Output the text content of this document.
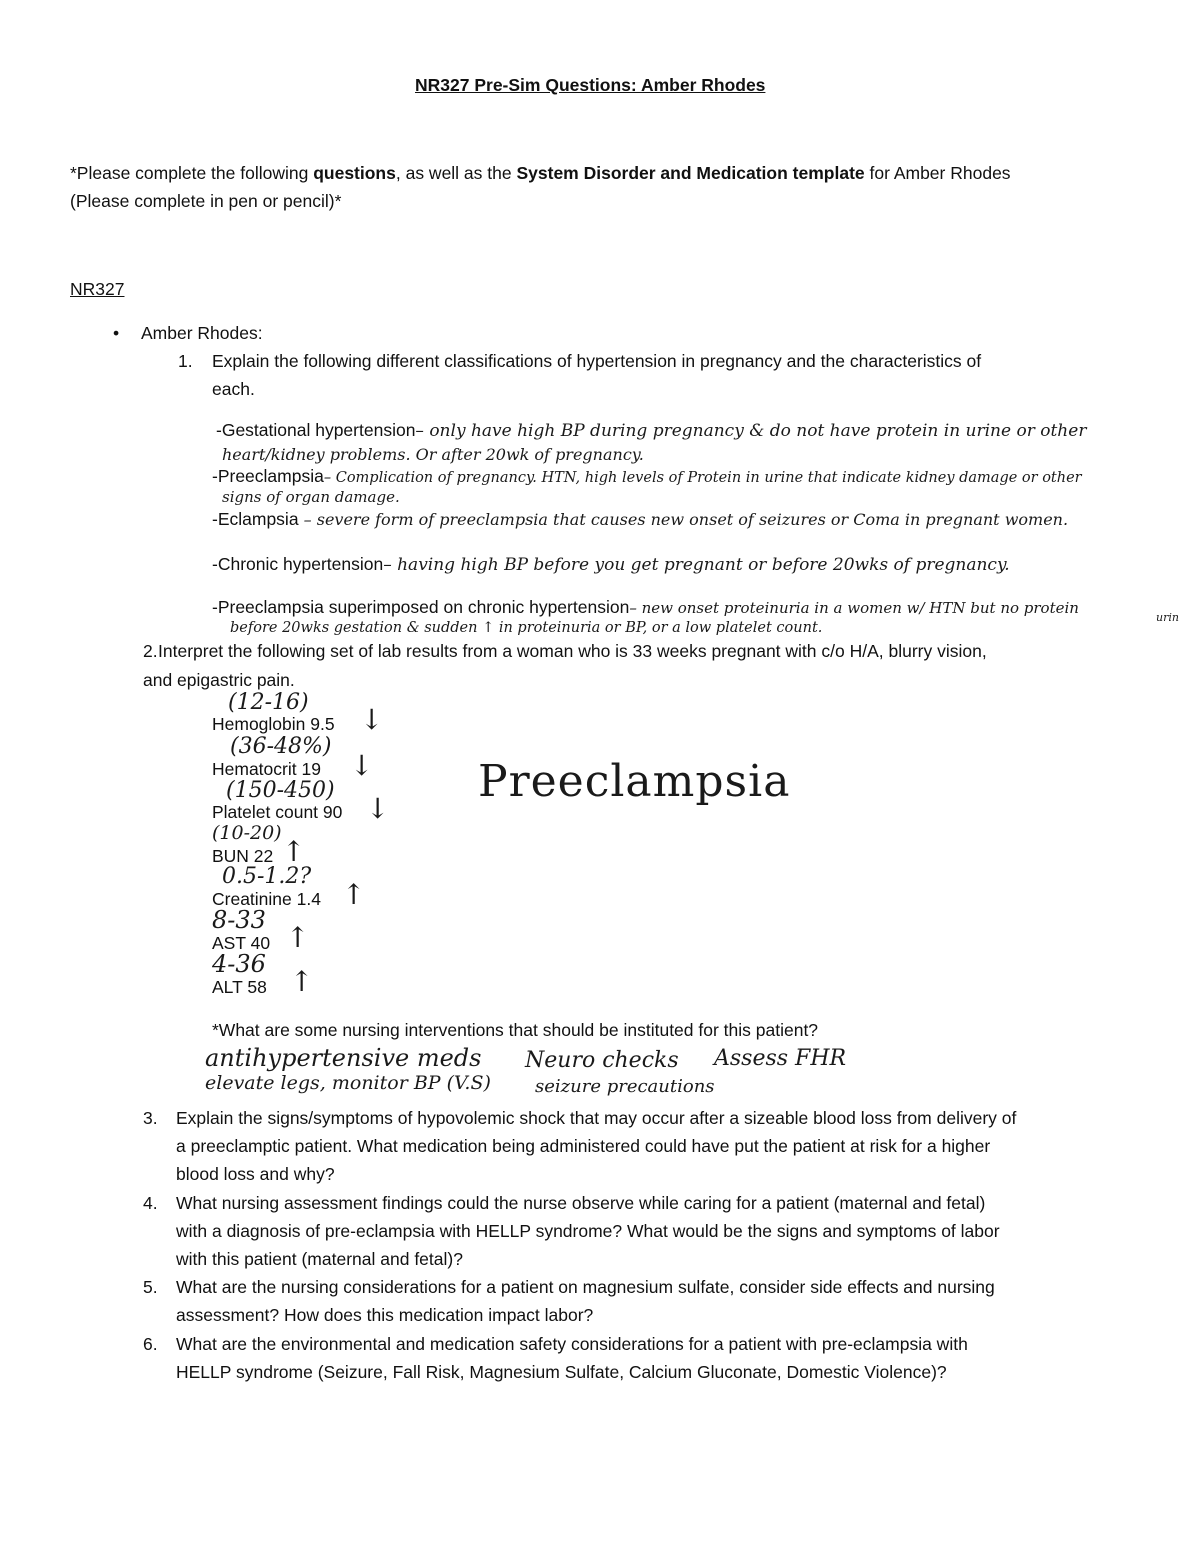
NR327 Pre-Sim Questions: Amber Rhodes
*Please complete the following questions, as well as the System Disorder and Medication template for Amber Rhodes
(Please complete in pen or pencil)*
NR327
• Amber Rhodes:
1. Explain the following different classifications of hypertension in pregnancy and the characteristics of
each.
-Gestational hypertension– only have high BP during pregnancy & do not have protein in urine or other
heart/kidney problems. Or after 20wk of pregnancy.
-Preeclampsia– Complication of pregnancy. HTN, high levels of Protein in urine that indicate kidney damage or other
signs of organ damage.
-Eclampsia – severe form of preeclampsia that causes new onset of seizures or Coma in pregnant women.
-Chronic hypertension– having high BP before you get pregnant or before 20wks of pregnancy.
-Preeclampsia superimposed on chronic hypertension– new onset proteinuria in a women w/ HTN but no protein
urin
before 20wks gestation & sudden ↑ in proteinuria or BP, or a low platelet count.
2. Interpret the following set of lab results from a woman who is 33 weeks pregnant with c/o H/A, blurry vision,
and epigastric pain.
(12-16)
Hemoglobin 9.5 ↓
(36-48%)
Hematocrit 19 ↓
(150-450)
Platelet count 90 ↓
(10-20)
BUN 22 ↑
0.5-1.2?
Creatinine 1.4 ↑
8-33
AST 40 ↑
4-36
ALT 58 ↑
Preeclampsia
*What are some nursing interventions that should be instituted for this patient?
antihypertensive meds Neuro checks Assess FHR
elevate legs, monitor BP (V.S) seizure precautions
3. Explain the signs/symptoms of hypovolemic shock that may occur after a sizeable blood loss from delivery of
a preeclamptic patient. What medication being administered could have put the patient at risk for a higher
blood loss and why?
4. What nursing assessment findings could the nurse observe while caring for a patient (maternal and fetal)
with a diagnosis of pre-eclampsia with HELLP syndrome? What would be the signs and symptoms of labor
with this patient (maternal and fetal)?
5. What are the nursing considerations for a patient on magnesium sulfate, consider side effects and nursing
assessment? How does this medication impact labor?
6. What are the environmental and medication safety considerations for a patient with pre-eclampsia with
HELLP syndrome (Seizure, Fall Risk, Magnesium Sulfate, Calcium Gluconate, Domestic Violence)?
